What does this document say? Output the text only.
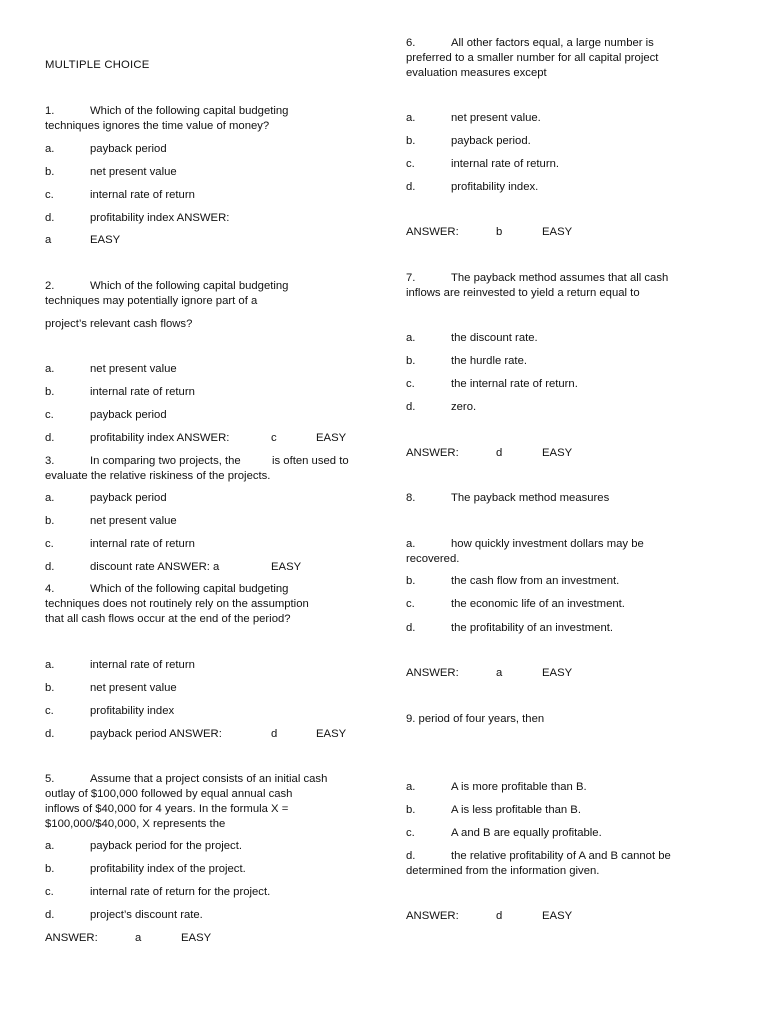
MULTIPLE CHOICE
1.	Which of the following capital budgeting
techniques ignores the time value of money?
a.	payback period
b.	net present value
c.	internal rate of return
d.	profitability index ANSWER:
a	EASY
2.	Which of the following capital budgeting
techniques may potentially ignore part of a
project’s relevant cash flows?
a.	net present value
b.	internal rate of return
c.	payback period
d.	profitability index ANSWER:	c	EASY
3.	In comparing two projects, the	is often used to
evaluate the relative riskiness of the projects.
a.	payback period
b.	net present value
c.	internal rate of return
d.	discount rate ANSWER: a	EASY
4.	Which of the following capital budgeting
techniques does not routinely rely on the assumption
that all cash flows occur at the end of the period?
a.	internal rate of return
b.	net present value
c.	profitability index
d.	payback period ANSWER:	d	EASY
5.	Assume that a project consists of an initial cash
outlay of $100,000 followed by equal annual cash
inflows of $40,000 for 4 years. In the formula X =
$100,000/$40,000, X represents the
a.	payback period for the project.
b.	profitability index of the project.
c.	internal rate of return for the project.
d.	project’s discount rate.
ANSWER:	a	EASY
6.	All other factors equal, a large number is
preferred to a smaller number for all capital project
evaluation measures except
a.	net present value.
b.	payback period.
c.	internal rate of return.
d.	profitability index.
ANSWER:	b	EASY
7.	The payback method assumes that all cash
inflows are reinvested to yield a return equal to
a.	the discount rate.
b.	the hurdle rate.
c.	the internal rate of return.
d.	zero.
ANSWER:	d	EASY
8.	The payback method measures
a.	how quickly investment dollars may be
recovered.
b.	the cash flow from an investment.
c.	the economic life of an investment.
d.	the profitability of an investment.
ANSWER:	a	EASY
9. period of four years, then
a.	A is more profitable than B.
b.	A is less profitable than B.
c.	A and B are equally profitable.
d.	the relative profitability of A and B cannot be
determined from the information given.
ANSWER:	d	EASY
